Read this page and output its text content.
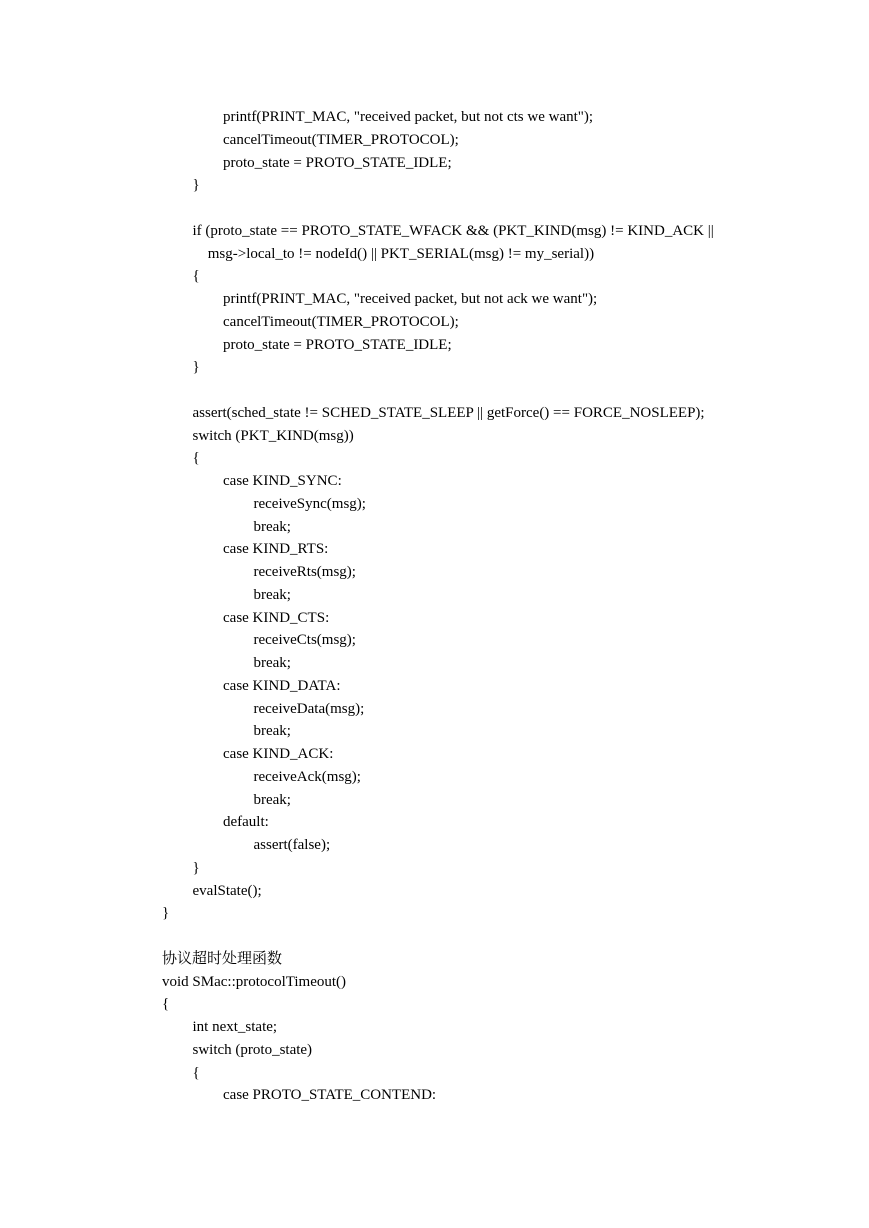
printf(PRINT_MAC, "received packet, but not cts we want");
cancelTimeout(TIMER_PROTOCOL);
proto_state = PROTO_STATE_IDLE;
}
if (proto_state == PROTO_STATE_WFACK && (PKT_KIND(msg) != KIND_ACK ||
msg->local_to != nodeId() || PKT_SERIAL(msg) != my_serial))
{
printf(PRINT_MAC, "received packet, but not ack we want");
cancelTimeout(TIMER_PROTOCOL);
proto_state = PROTO_STATE_IDLE;
}
assert(sched_state != SCHED_STATE_SLEEP || getForce() == FORCE_NOSLEEP);
switch (PKT_KIND(msg))
{
case KIND_SYNC:
receiveSync(msg);
break;
case KIND_RTS:
receiveRts(msg);
break;
case KIND_CTS:
receiveCts(msg);
break;
case KIND_DATA:
receiveData(msg);
break;
case KIND_ACK:
receiveAck(msg);
break;
default:
assert(false);
}
evalState();
}
协议超时处理函数
void SMac::protocolTimeout()
{
int next_state;
switch (proto_state)
{
case PROTO_STATE_CONTEND:
